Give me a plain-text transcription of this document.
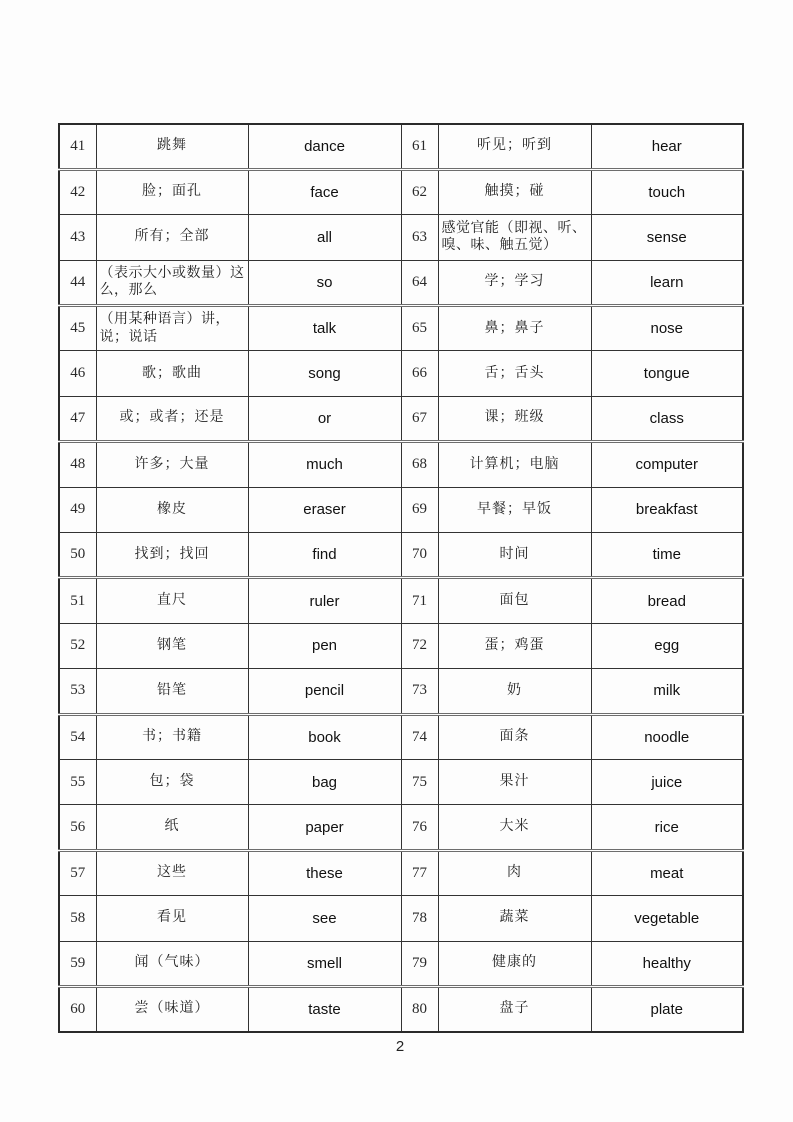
41	跳舞	dance	61	听见；听到	hear
42	脸；面孔	face	62	触摸；碰	touch
43	所有；全部	all	63	感觉官能（即视、听、嗅、味、触五觉）	sense
44	（表示大小或数量）这么，那么	so	64	学；学习	learn
45	（用某种语言）讲，说；说话	talk	65	鼻；鼻子	nose
46	歌；歌曲	song	66	舌；舌头	tongue
47	或；或者；还是	or	67	课；班级	class
48	许多；大量	much	68	计算机；电脑	computer
49	橡皮	eraser	69	早餐；早饭	breakfast
50	找到；找回	find	70	时间	time
51	直尺	ruler	71	面包	bread
52	钢笔	pen	72	蛋；鸡蛋	egg
53	铅笔	pencil	73	奶	milk
54	书；书籍	book	74	面条	noodle
55	包；袋	bag	75	果汁	juice
56	纸	paper	76	大米	rice
57	这些	these	77	肉	meat
58	看见	see	78	蔬菜	vegetable
59	闻（气味）	smell	79	健康的	healthy
60	尝（味道）	taste	80	盘子	plate
2
